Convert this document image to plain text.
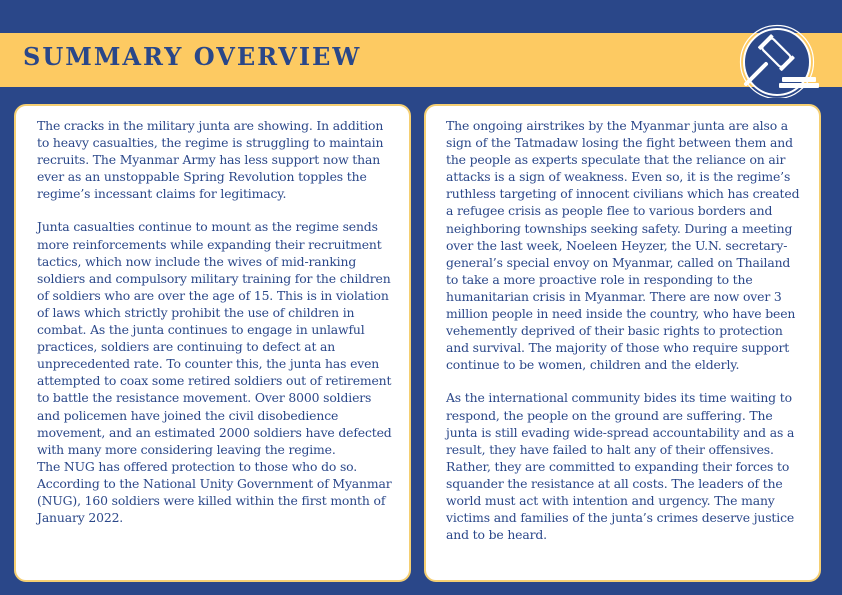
SUMMARY OVERVIEW

The cracks in the military junta are showing. In addition to heavy casualties, the regime is struggling to maintain recruits. The Myanmar Army has less support now than ever as an unstoppable Spring Revolution topples the regime’s incessant claims for legitimacy.

Junta casualties continue to mount as the regime sends more reinforcements while expanding their recruitment tactics, which now include the wives of mid-ranking soldiers and compulsory military training for the children of soldiers who are over the age of 15. This is in violation of laws which strictly prohibit the use of children in combat. As the junta continues to engage in unlawful practices, soldiers are continuing to defect at an unprecedented rate. To counter this, the junta has even attempted to coax some retired soldiers out of retirement to battle the resistance movement. Over 8000 soldiers and policemen have joined the civil disobedience movement, and an estimated 2000 soldiers have defected with many more considering leaving the regime.

The NUG has offered protection to those who do so. According to the National Unity Government of Myanmar (NUG), 160 soldiers were killed within the first month of January 2022.

The ongoing airstrikes by the Myanmar junta are also a sign of the Tatmadaw losing the fight between them and the people as experts speculate that the reliance on air attacks is a sign of weakness. Even so, it is the regime’s ruthless targeting of innocent civilians which has created a refugee crisis as people flee to various borders and neighboring townships seeking safety. During a meeting over the last week, Noeleen Heyzer, the U.N. secretary-general’s special envoy on Myanmar, called on Thailand to take a more proactive role in responding to the humanitarian crisis in Myanmar. There are now over 3 million people in need inside the country, who have been vehemently deprived of their basic rights to protection and survival. The majority of those who require support continue to be women, children and the elderly.

As the international community bides its time waiting to respond, the people on the ground are suffering. The junta is still evading wide-spread accountability and as a result, they have failed to halt any of their offensives. Rather, they are committed to expanding their forces to squander the resistance at all costs. The leaders of the world must act with intention and urgency. The many victims and families of the junta’s crimes deserve justice and to be heard.
